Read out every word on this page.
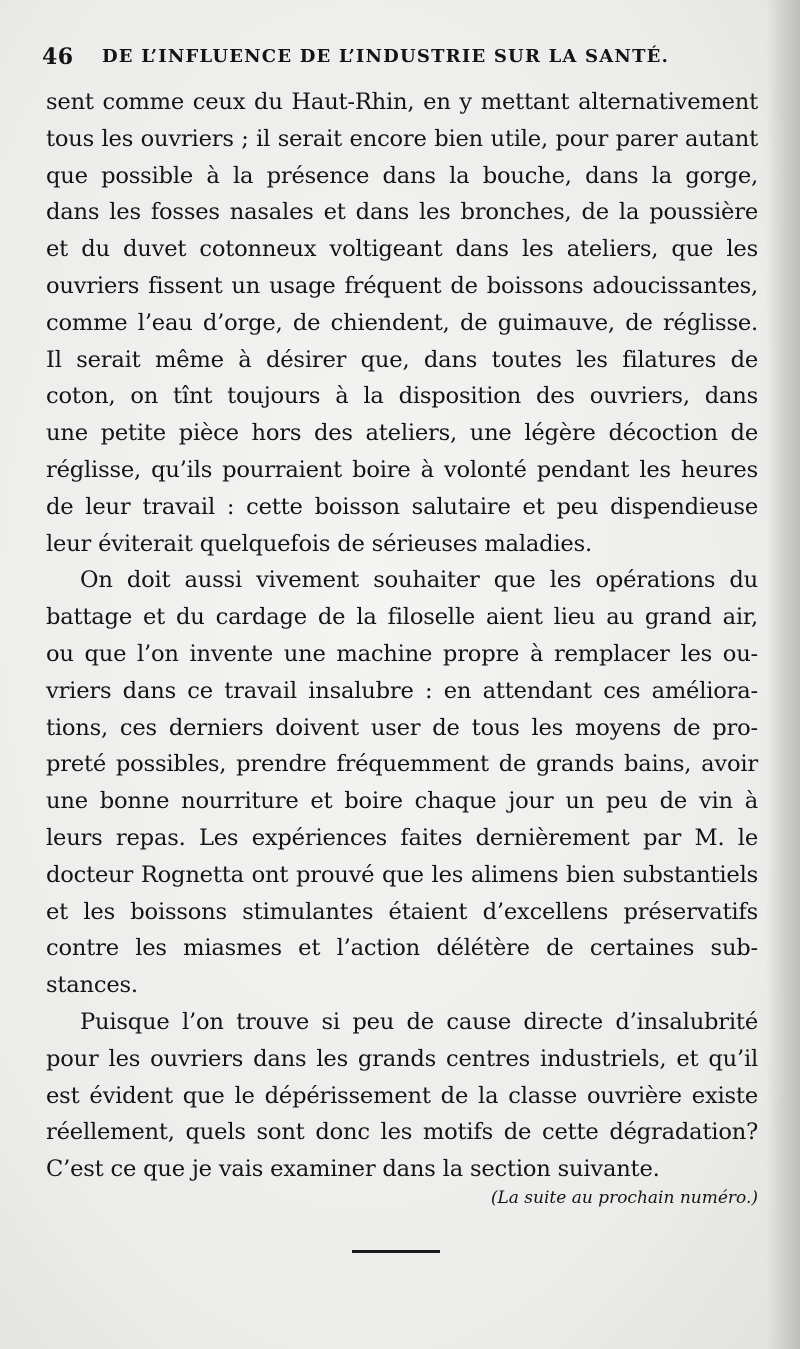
46 DE L’INFLUENCE DE L’INDUSTRIE SUR LA SANTÉ.
sent comme ceux du Haut-Rhin, en y mettant alternativement
tous les ouvriers ; il serait encore bien utile, pour parer autant
que possible à la présence dans la bouche, dans la gorge,
dans les fosses nasales et dans les bronches, de la poussière
et du duvet cotonneux voltigeant dans les ateliers, que les
ouvriers fissent un usage fréquent de boissons adoucissantes,
comme l’eau d’orge, de chiendent, de guimauve, de réglisse.
Il serait même à désirer que, dans toutes les filatures de
coton, on tînt toujours à la disposition des ouvriers, dans
une petite pièce hors des ateliers, une légère décoction de
réglisse, qu’ils pourraient boire à volonté pendant les heures
de leur travail : cette boisson salutaire et peu dispendieuse
leur éviterait quelquefois de sérieuses maladies.
On doit aussi vivement souhaiter que les opérations du
battage et du cardage de la filoselle aient lieu au grand air,
ou que l’on invente une machine propre à remplacer les ou-
vriers dans ce travail insalubre : en attendant ces améliora-
tions, ces derniers doivent user de tous les moyens de pro-
preté possibles, prendre fréquemment de grands bains, avoir
une bonne nourriture et boire chaque jour un peu de vin à
leurs repas. Les expériences faites dernièrement par M. le
docteur Rognetta ont prouvé que les alimens bien substantiels
et les boissons stimulantes étaient d’excellens préservatifs
contre les miasmes et l’action délétère de certaines sub-
stances.
Puisque l’on trouve si peu de cause directe d’insalubrité
pour les ouvriers dans les grands centres industriels, et qu’il
est évident que le dépérissement de la classe ouvrière existe
réellement, quels sont donc les motifs de cette dégradation?
C’est ce que je vais examiner dans la section suivante.
(La suite au prochain numéro.)
